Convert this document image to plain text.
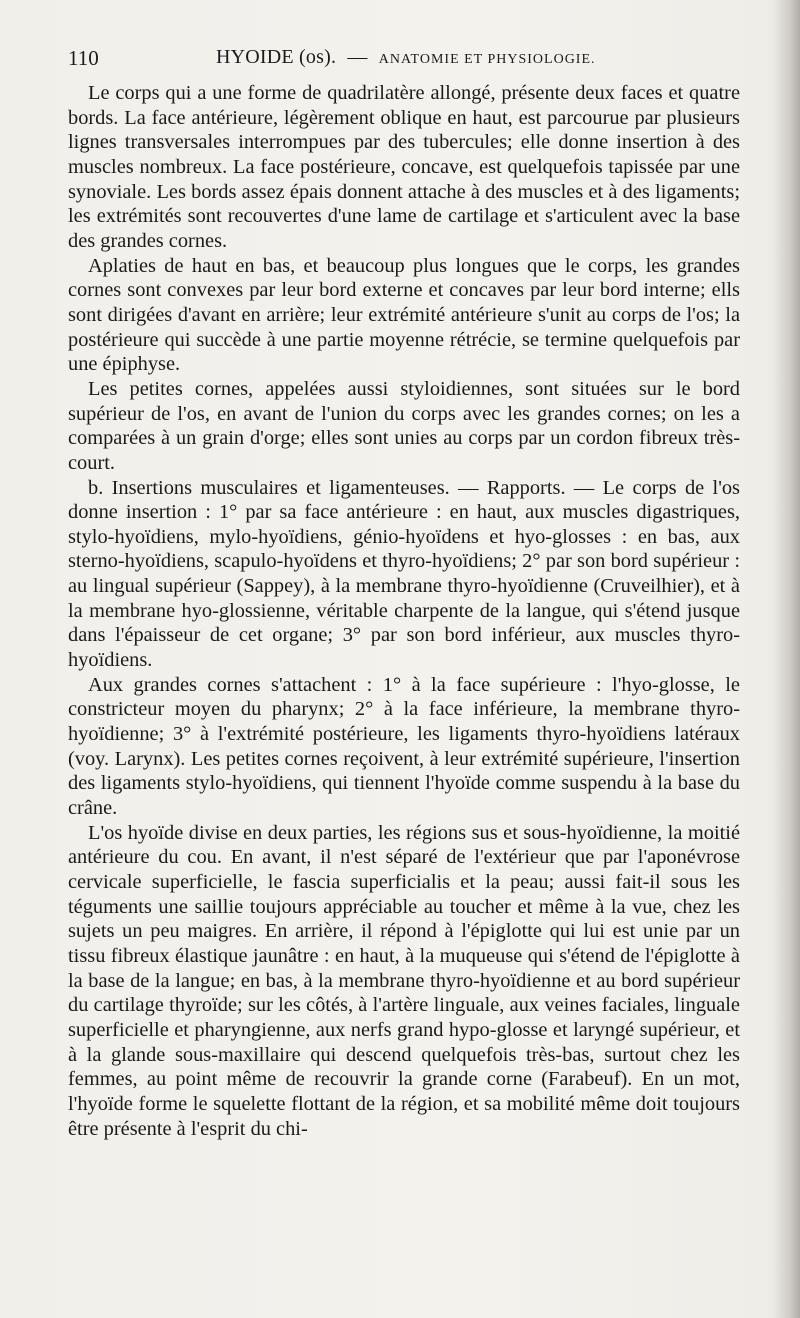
110	HYOIDE (os). — ANATOMIE ET PHYSIOLOGIE.

Le corps qui a une forme de quadrilatère allongé, présente deux faces et quatre bords. La face antérieure, légèrement oblique en haut, est parcourue par plusieurs lignes transversales interrompues par des tubercules; elle donne insertion à des muscles nombreux. La face postérieure, concave, est quelquefois tapissée par une synoviale. Les bords assez épais donnent attache à des muscles et à des ligaments; les extrémités sont recouvertes d'une lame de cartilage et s'articulent avec la base des grandes cornes.

Aplaties de haut en bas, et beaucoup plus longues que le corps, les grandes cornes sont convexes par leur bord externe et concaves par leur bord interne; ells sont dirigées d'avant en arrière; leur extrémité antérieure s'unit au corps de l'os; la postérieure qui succède à une partie moyenne rétrécie, se termine quelquefois par une épiphyse.

Les petites cornes, appelées aussi styloidiennes, sont situées sur le bord supérieur de l'os, en avant de l'union du corps avec les grandes cornes; on les a comparées à un grain d'orge; elles sont unies au corps par un cordon fibreux très-court.

b. Insertions musculaires et ligamenteuses. — Rapports. — Le corps de l'os donne insertion : 1° par sa face antérieure : en haut, aux muscles digastriques, stylo-hyoïdiens, mylo-hyoïdiens, génio-hyoïdens et hyo-glosses : en bas, aux sterno-hyoïdiens, scapulo-hyoïdens et thyro-hyoïdiens; 2° par son bord supérieur : au lingual supérieur (Sappey), à la membrane thyro-hyoïdienne (Cruveilhier), et à la membrane hyo-glossienne, véritable charpente de la langue, qui s'étend jusque dans l'épaisseur de cet organe; 3° par son bord inférieur, aux muscles thyro-hyoïdiens.

Aux grandes cornes s'attachent : 1° à la face supérieure : l'hyo-glosse, le constricteur moyen du pharynx; 2° à la face inférieure, la membrane thyro-hyoïdienne; 3° à l'extrémité postérieure, les ligaments thyro-hyoïdiens latéraux (voy. Larynx). Les petites cornes reçoivent, à leur extrémité supérieure, l'insertion des ligaments stylo-hyoïdiens, qui tiennent l'hyoïde comme suspendu à la base du crâne.

L'os hyoïde divise en deux parties, les régions sus et sous-hyoïdienne, la moitié antérieure du cou. En avant, il n'est séparé de l'extérieur que par l'aponévrose cervicale superficielle, le fascia superficialis et la peau; aussi fait-il sous les téguments une saillie toujours appréciable au toucher et même à la vue, chez les sujets un peu maigres. En arrière, il répond à l'épiglotte qui lui est unie par un tissu fibreux élastique jaunâtre : en haut, à la muqueuse qui s'étend de l'épiglotte à la base de la langue; en bas, à la membrane thyro-hyoïdienne et au bord supérieur du cartilage thyroïde; sur les côtés, à l'artère linguale, aux veines faciales, linguale superficielle et pharyngienne, aux nerfs grand hypo-glosse et laryngé supérieur, et à la glande sous-maxillaire qui descend quelquefois très-bas, surtout chez les femmes, au point même de recouvrir la grande corne (Farabeuf). En un mot, l'hyoïde forme le squelette flottant de la région, et sa mobilité même doit toujours être présente à l'esprit du chi-
